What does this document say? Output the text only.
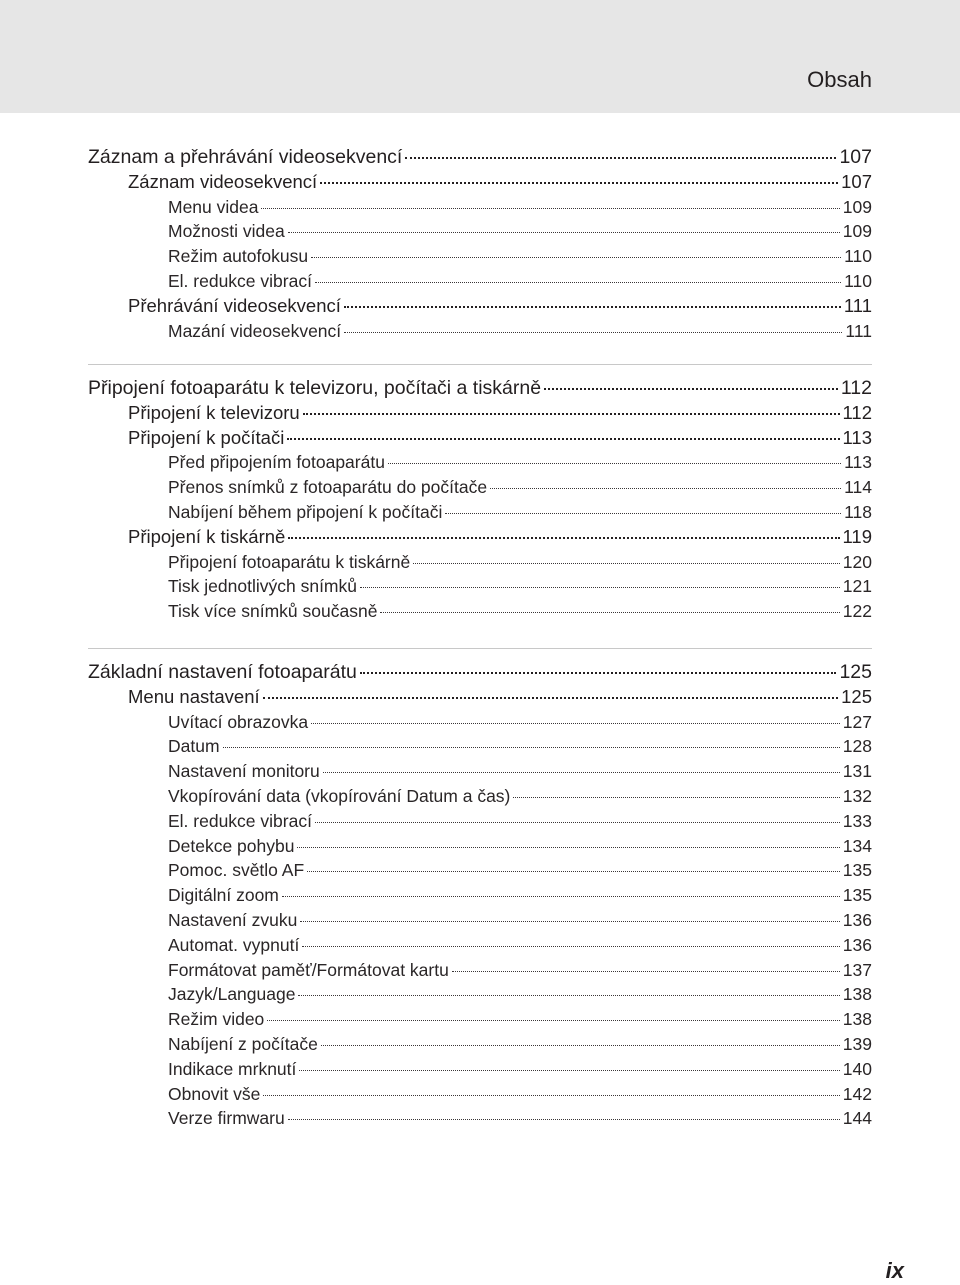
Obsah
Záznam a přehrávání videosekvencí	107
Záznam videosekvencí	107
Menu videa	109
Možnosti videa	109
Režim autofokusu	110
El. redukce vibrací	110
Přehrávání videosekvencí	111
Mazání videosekvencí	111
Připojení fotoaparátu k televizoru, počítači a tiskárně	112
Připojení k televizoru	112
Připojení k počítači	113
Před připojením fotoaparátu	113
Přenos snímků z fotoaparátu do počítače	114
Nabíjení během připojení k počítači	118
Připojení k tiskárně	119
Připojení fotoaparátu k tiskárně	120
Tisk jednotlivých snímků	121
Tisk více snímků současně	122
Základní nastavení fotoaparátu	125
Menu nastavení	125
Uvítací obrazovka	127
Datum	128
Nastavení monitoru	131
Vkopírování data (vkopírování Datum a čas)	132
El. redukce vibrací	133
Detekce pohybu	134
Pomoc. světlo AF	135
Digitální zoom	135
Nastavení zvuku	136
Automat. vypnutí	136
Formátovat paměť/Formátovat kartu	137
Jazyk/Language	138
Režim video	138
Nabíjení z počítače	139
Indikace mrknutí	140
Obnovit vše	142
Verze firmwaru	144
ix
